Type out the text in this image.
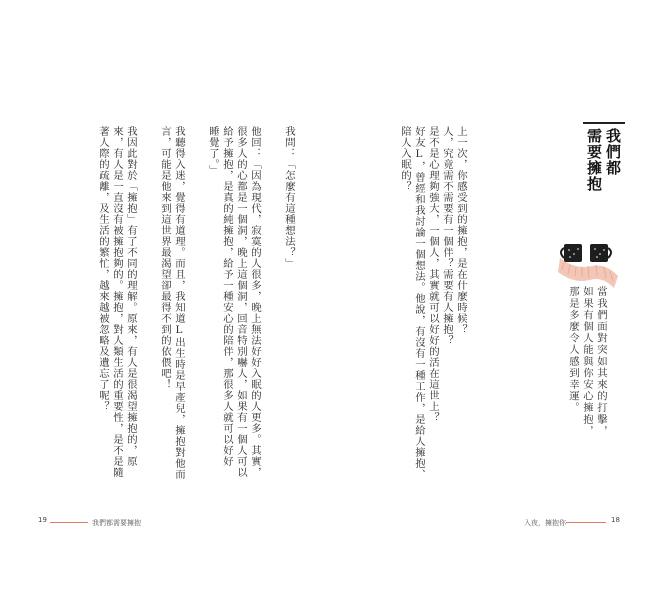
我們都
需要擁抱
當我們面對突如其來的打擊，
如果有個人能與你安心擁抱，
那是多麼令人感到幸運。
上一次，你感受到的擁抱，是在什麼時候？
人，究竟需不需要有一個伴？需要有人擁抱？
是不是心理夠強大，一個人，其實就可以好好的活在這世上？
好友L，曾經和我討論一個想法。他說，有沒有一種工作，是給人擁抱、
陪人入眠的？
入夜，擁抱你	18
我問：「怎麼有這種想法？」
他回：「因為現代，寂寞的人很多，晚上無法好好入眠的人更多。其實，
很多人的心都是一個洞，晚上這個洞，回音特別嚇人，如果有一個人可以
給予擁抱，是真的純擁抱，給予一種安心的陪伴，那很多人就可以好好
睡覺了。」
我聽得入迷，覺得有道理。而且，我知道L出生時是早產兒，擁抱對他而
言，可能是他來到這世界最渴望卻最得不到的依偎吧！
我因此對於「擁抱」有了不同的理解。原來，有人是很渴望擁抱的，原
來，有人是一直沒有被擁抱夠的。擁抱，對人類生活的重要性，是不是隨
著人際的疏離，及生活的繁忙，越來越被忽略及遺忘了呢？
19	我們都需要擁抱
